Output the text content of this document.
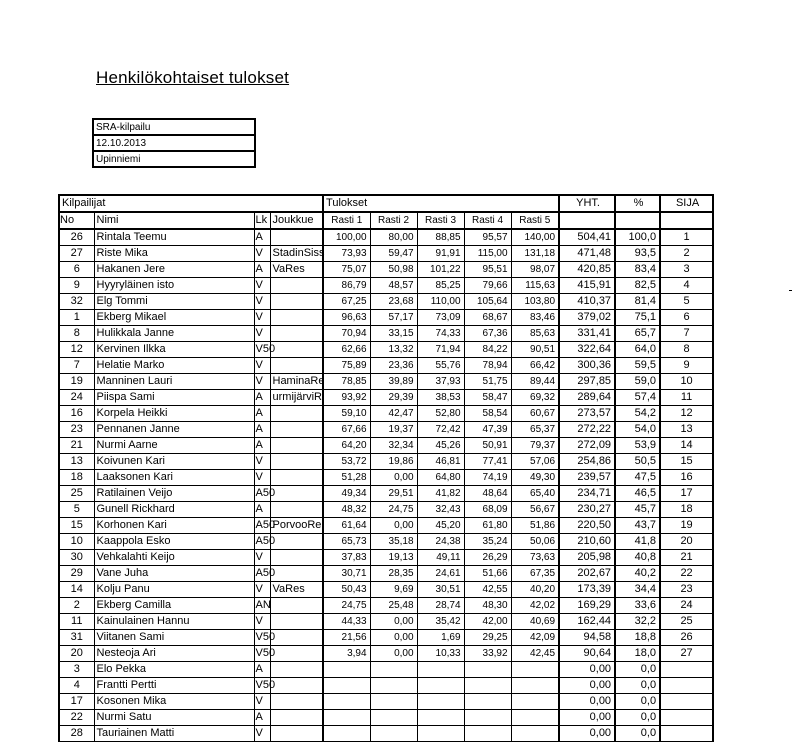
Henkilökohtaiset tulokset
SRA-kilpailu
12.10.2013
Upinniemi
Kilpailijat				Tulokset					YHT.	%	SIJA
No	Nimi	Lk	Joukkue	Rasti 1	Rasti 2	Rasti 3	Rasti 4	Rasti 5			
26	Rintala Teemu	A		100,00	80,00	88,85	95,57	140,00	504,41	100,0	1
27	Riste Mika	V	StadinSiss	73,93	59,47	91,91	115,00	131,18	471,48	93,5	2
6	Hakanen Jere	A	VaRes	75,07	50,98	101,22	95,51	98,07	420,85	83,4	3
9	Hyyryläinen isto	V		86,79	48,57	85,25	79,66	115,63	415,91	82,5	4
32	Elg Tommi	V		67,25	23,68	110,00	105,64	103,80	410,37	81,4	5
1	Ekberg Mikael	V		96,63	57,17	73,09	68,67	83,46	379,02	75,1	6
8	Hulikkala Janne	V		70,94	33,15	74,33	67,36	85,63	331,41	65,7	7
12	Kervinen Ilkka	V50		62,66	13,32	71,94	84,22	90,51	322,64	64,0	8
7	Helatie Marko	V		75,89	23,36	55,76	78,94	66,42	300,36	59,5	9
19	Manninen Lauri	V	HaminaRe	78,85	39,89	37,93	51,75	89,44	297,85	59,0	10
24	Piispa Sami	A	urmijärviR	93,92	29,39	38,53	58,47	69,32	289,64	57,4	11
16	Korpela Heikki	A		59,10	42,47	52,80	58,54	60,67	273,57	54,2	12
23	Pennanen Janne	A		67,66	19,37	72,42	47,39	65,37	272,22	54,0	13
21	Nurmi Aarne	A		64,20	32,34	45,26	50,91	79,37	272,09	53,9	14
13	Koivunen Kari	V		53,72	19,86	46,81	77,41	57,06	254,86	50,5	15
18	Laaksonen Kari	V		51,28	0,00	64,80	74,19	49,30	239,57	47,5	16
25	Ratilainen Veijo	A50		49,34	29,51	41,82	48,64	65,40	234,71	46,5	17
5	Gunell Rickhard	A		48,32	24,75	32,43	68,09	56,67	230,27	45,7	18
15	Korhonen Kari	A50	PorvooRe	61,64	0,00	45,20	61,80	51,86	220,50	43,7	19
10	Kaappola Esko	A50		65,73	35,18	24,38	35,24	50,06	210,60	41,8	20
30	Vehkalahti Keijo	V		37,83	19,13	49,11	26,29	73,63	205,98	40,8	21
29	Vane Juha	A50		30,71	28,35	24,61	51,66	67,35	202,67	40,2	22
14	Kolju Panu	V	VaRes	50,43	9,69	30,51	42,55	40,20	173,39	34,4	23
2	Ekberg Camilla	AN		24,75	25,48	28,74	48,30	42,02	169,29	33,6	24
11	Kainulainen Hannu	V		44,33	0,00	35,42	42,00	40,69	162,44	32,2	25
31	Viitanen Sami	V50		21,56	0,00	1,69	29,25	42,09	94,58	18,8	26
20	Nesteoja Ari	V50		3,94	0,00	10,33	33,92	42,45	90,64	18,0	27
3	Elo Pekka	A							0,00	0,0	
4	Frantti Pertti	V50							0,00	0,0	
17	Kosonen Mika	V							0,00	0,0	
22	Nurmi Satu	A							0,00	0,0	
28	Tauriainen Matti	V							0,00	0,0	
